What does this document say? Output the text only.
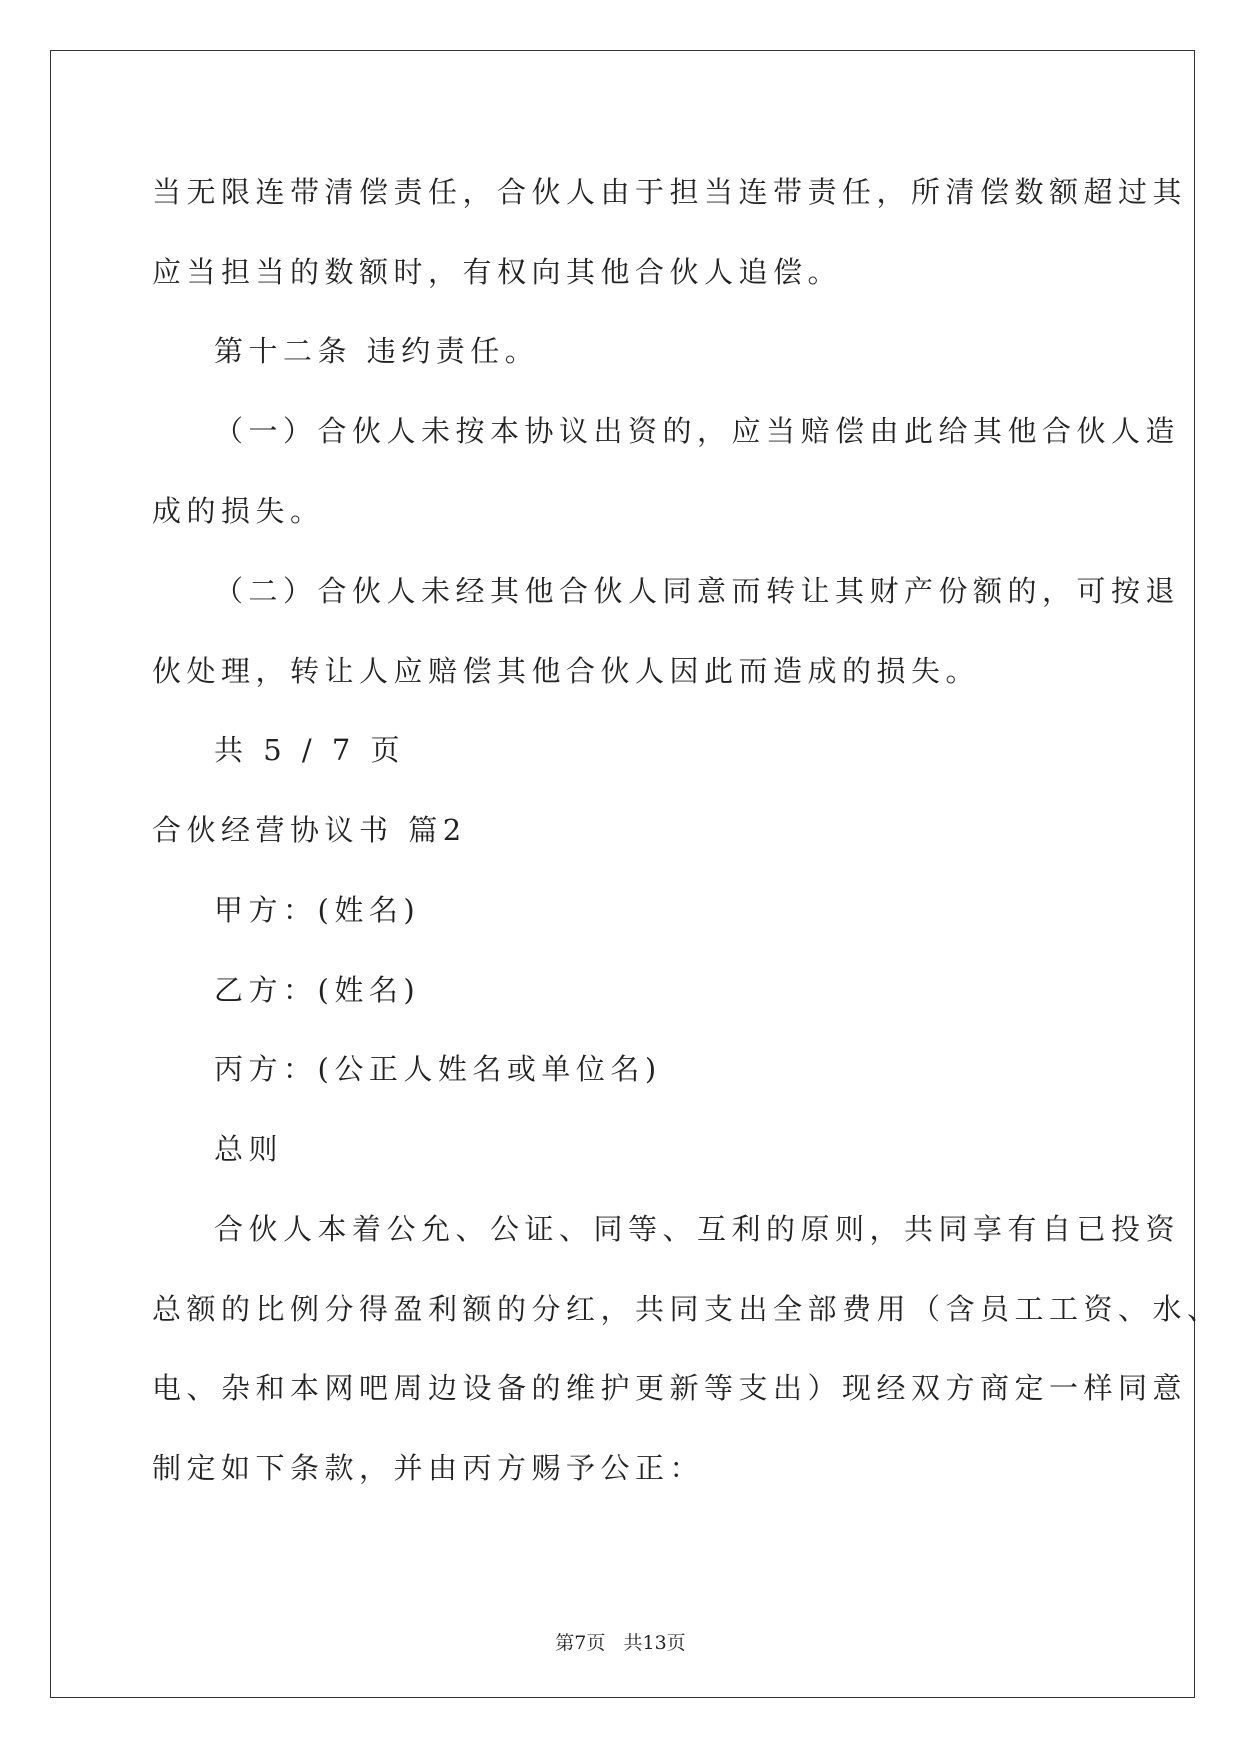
当无限连带清偿责任，合伙人由于担当连带责任，所清偿数额超过其
应当担当的数额时，有权向其他合伙人追偿。
第十二条 违约责任。
（一）合伙人未按本协议出资的，应当赔偿由此给其他合伙人造
成的损失。
（二）合伙人未经其他合伙人同意而转让其财产份额的，可按退
伙处理，转让人应赔偿其他合伙人因此而造成的损失。
共 5 / 7 页
合伙经营协议书 篇2
甲方：(姓名)
乙方：(姓名)
丙方：(公正人姓名或单位名)
总则
合伙人本着公允、公证、同等、互利的原则，共同享有自已投资
总额的比例分得盈利额的分红，共同支出全部费用（含员工工资、水、
电、杂和本网吧周边设备的维护更新等支出）现经双方商定一样同意
制定如下条款，并由丙方赐予公正：
第7页   共13页
